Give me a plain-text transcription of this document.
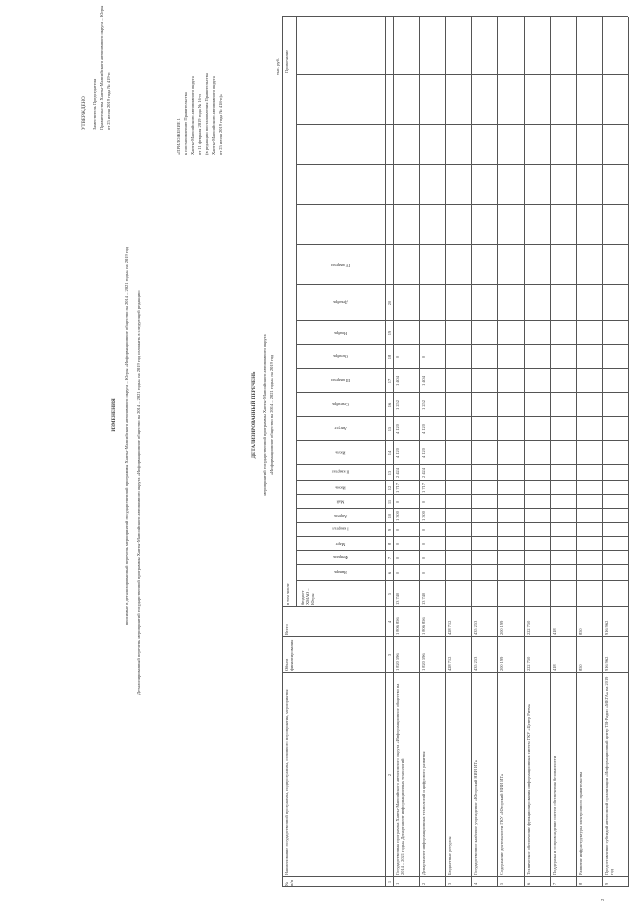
УТВЕРЖДЕНО Заместитель Председателя Правительства Ханты-Мансийского автономного округа – Югры от 25 июля 2019 года № 419-п
ИЗМЕНЕНИЯ вносимые в детализированный перечень мероприятий государственной программы Ханты-Мансийского автономного округа – Югры «Информационное общество на 2014 – 2021 годы» на 2019 год Детализированный перечень мероприятий государственной программы Ханты-Мансийского автономного округа «Информационное общество на 2014 – 2021 годы» на 2019 год изложить в следующей редакции:
«ПРИЛОЖЕНИЕ 1 к постановлению Правительства Ханты-Мансийского автономного округа от 11 февраля 2019 года № 16-п (в редакции постановления Правительства Ханты-Мансийского автономного округа от 25 июля 2019 года № 418-п)»
ДЕТАЛИЗИРОВАННЫЙ ПЕРЕЧЕНЬ мероприятий государственной программы Ханты-Мансийского автономного округа «Информационное общество на 2014 – 2021 годы» на 2019 год
тыс. руб.
№ п/п
Наименование государственной программы, подпрограммы, основного мероприятия, мероприятия
Объем финансирования
Всего
в том числе	бюджет ХМАО – Югры
Примечание
Январь
Февраль
Март
I квартал
Апрель
Май
Июнь
II квартал
Июль
Август
Сентябрь
III квартал
Октябрь
Ноябрь
Декабрь
IV квартал
1
2
3
4
5
6
7
8
9
10
11
12
13
14
15
16
17
18
19
20
1
Государственная программа Ханты-Мансийского автономного округа «Информационное общество на 2014 – 2021 годы» Департамент информационных технологий
1 820 596
1 806 856
13 740
0
0
0
0
1 300
0
1 717
2 424
4 120
4 120
1 252
1 404
0
2
Департамент информационных технологий и цифрового развития
1 820 596
1 806 856
13 740
0
0
0
0
1 300
0
1 717
2 424
4 120
4 120
1 252
1 404
0
3
Бюджетные ресурсы
428 712
428 712
4
Государственное казённое учреждение «Югорский НИИ ИТ»
435 253
435 253
5
Содержание деятельности ГКУ «Югорский НИИ ИТ»
200 199
200 199
6
Техническое обеспечение функционирования информационных систем ГКУ «Центр Ритм»
222 750
222 750
7
Поддержка и сопровождение систем обеспечения безопасности
418
418
8
Развитие инфраструктуры электронного правительства
850
850
9
Предоставление субсидий автономной организации «Информационный центр ТВ-Радио «МЕГА» на 2019 год
916 962
916 962
2
